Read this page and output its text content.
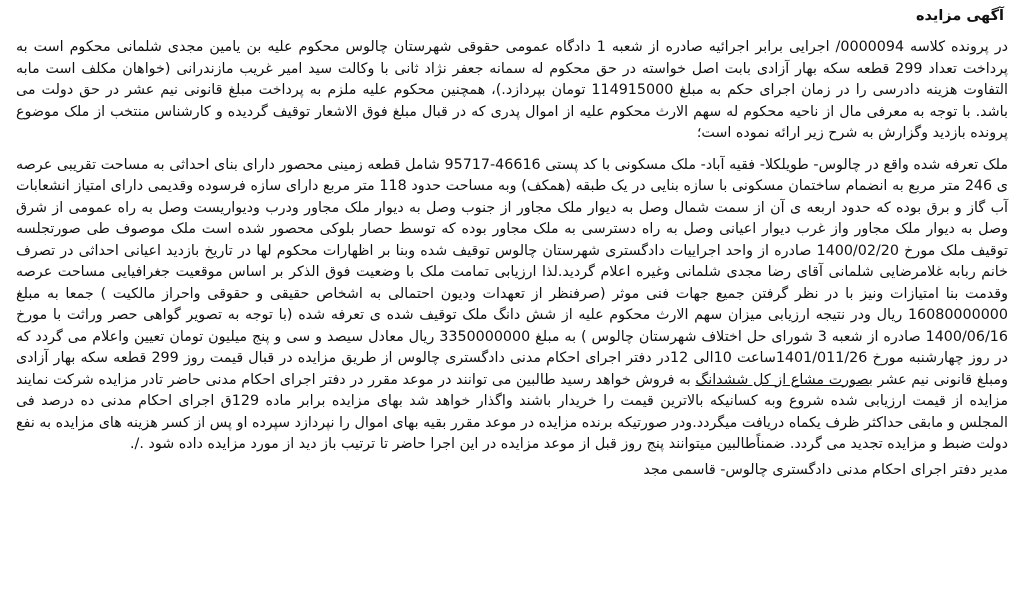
آگهی مزایده

در پرونده کلاسه 0000094/ اجرایی برابر اجرائیه صادره از شعبه 1 دادگاه عمومی حقوقی شهرستان چالوس محکوم علیه بن یامین مجدی شلمانی محکوم است به پرداخت تعداد 299 قطعه سکه بهار آزادی بابت اصل خواسته در حق محکوم له سمانه جعفر نژاد ثانی با وکالت سید امیر غریب مازندرانی (خواهان مکلف است مابه التفاوت هزینه دادرسی را در زمان اجرای حکم به مبلغ 114915000 تومان بپردازد.)، همچنین محکوم علیه ملزم به پرداخت مبلغ قانونی نیم عشر در حق دولت می باشد. با توجه به معرفی مال از ناحیه محکوم له سهم الارث محکوم علیه از اموال پدری که در قبال مبلغ فوق الاشعار توقیف گردیده و کارشناس منتخب از ملک موضوع پرونده بازدید وگزارش به شرح زیر ارائه نموده است؛

ملک تعرفه شده واقع در چالوس- طویلکلا- فقیه آباد- ملک مسکونی با کد پستی 46616-95717 شامل قطعه زمینی محصور دارای بنای احداثی به مساحت تقریبی عرصه ی 246 متر مربع به انضمام ساختمان مسکونی با سازه بنایی در یک طبقه (همکف) وبه مساحت حدود 118 متر مربع دارای سازه فرسوده وقدیمی دارای امتیاز انشعابات آب گاز و برق بوده که حدود اربعه ی آن از سمت شمال وصل به دیوار ملک مجاور از جنوب وصل به دیوار ملک مجاور ودرب ودیواریست وصل به راه عمومی از شرق وصل به دیوار ملک مجاور واز غرب دیوار اعیانی وصل به راه دسترسی به ملک مجاور بوده که توسط حصار بلوکی محصور شده است ملک موصوف طی صورتجلسه توقیف ملک مورخ 1400/02/20 صادره از واحد اجراییات دادگستری شهرستان چالوس توقیف شده وبنا بر اظهارات محکوم لها در تاریخ بازدید اعیانی احداثی در تصرف خانم ربابه غلامرضایی شلمانی آقای رضا مجدی شلمانی وغیره اعلام گردید.لذا ارزیابی تمامت ملک با وضعیت فوق الذکر بر اساس موقعیت جغرافیایی مساحت عرصه وقدمت بنا امتیازات ونیز با در نظر گرفتن جمیع جهات فنی موثر (صرفنظر از تعهدات ودیون احتمالی به اشخاص حقیقی و حقوقی واحراز مالکیت ) جمعا به مبلغ 16080000000 ریال ودر نتیجه ارزیابی میزان سهم الارث محکوم علیه از شش دانگ ملک توقیف شده ی تعرفه شده (با توجه به تصویر گواهی حصر وراثت با مورخ 1400/06/16 صادره از شعبه 3 شورای حل اختلاف شهرستان چالوس ) به مبلغ 3350000000 ریال معادل سیصد و سی و پنج میلیون تومان تعیین واعلام می گردد که در روز چهارشنبه مورخ 1401/011/26ساعت 10الی 12در دفتر اجرای احکام مدنی دادگستری چالوس از طریق مزایده در قبال قیمت روز 299 قطعه سکه بهار آزادی ومبلغ قانونی نیم عشر بصورت مشاع از کل ششدانگ به فروش خواهد رسید طالبین می توانند در موعد مقرر در دفتر اجرای احکام مدنی حاضر تادر مزایده شرکت نمایند مزایده از قیمت ارزیابی شده شروع وبه کسانیکه بالاترین قیمت را خریدار باشند واگذار خواهد شد بهای مزایده برابر ماده 129ق اجرای احکام مدنی ده درصد فی المجلس و مابقی حداکثر ظرف یکماه دریافت میگردد.ودر صورتیکه برنده مزایده در موعد مقرر بقیه بهای اموال را نپردازد سپرده او پس از کسر هزینه های مزایده به نفع دولت ضبط و مزایده تجدید می گردد. ضمناًطالبین میتوانند پنج روز قبل از موعد مزایده در این اجرا حاضر تا ترتیب باز دید از مورد مزایده داده شود ./.

مدیر دفتر اجرای احکام مدنی دادگستری چالوس- قاسمی مجد
